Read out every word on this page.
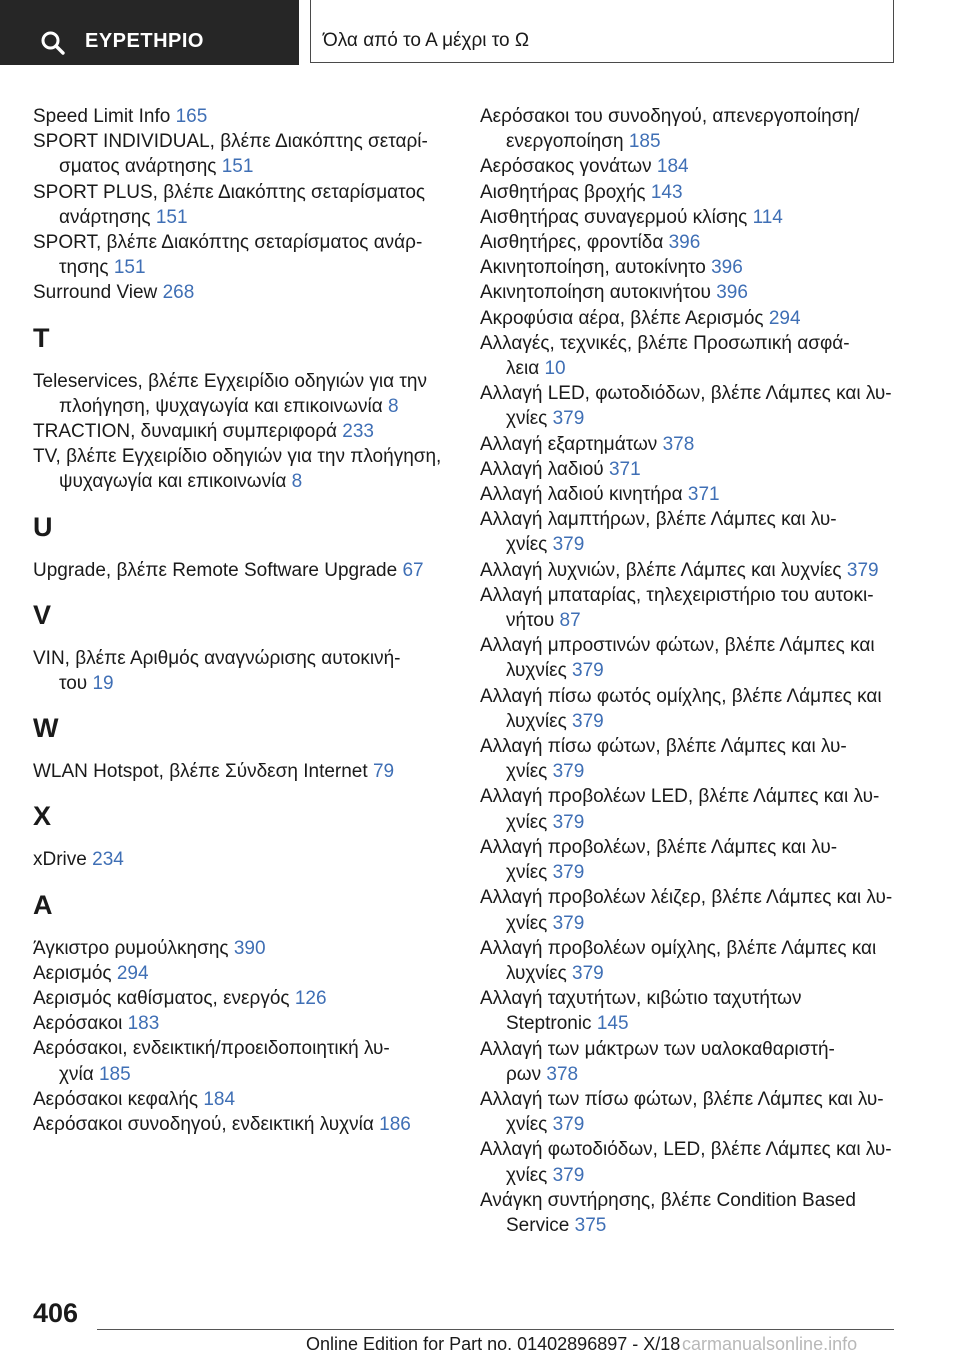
ΕΥΡΕΤΗΡΙΟ	Όλα από το Α μέχρι το Ω
Speed Limit Info 165
SPORT INDIVIDUAL, βλέπε Διακόπτης σεταρί‐
σματος ανάρτησης 151
SPORT PLUS, βλέπε Διακόπτης σεταρίσματος
ανάρτησης 151
SPORT, βλέπε Διακόπτης σεταρίσματος ανάρ‐
τησης 151
Surround View 268
T
Teleservices, βλέπε Εγχειρίδιο οδηγιών για την
πλοήγηση, ψυχαγωγία και επικοινωνία 8
TRACTION, δυναμική συμπεριφορά 233
TV, βλέπε Εγχειρίδιο οδηγιών για την πλοήγηση,
ψυχαγωγία και επικοινωνία 8
U
Upgrade, βλέπε Remote Software Upgrade 67
V
VIN, βλέπε Αριθμός αναγνώρισης αυτοκινή‐
του 19
W
WLAN Hotspot, βλέπε Σύνδεση Internet 79
X
xDrive 234
Α
Άγκιστρο ρυμούλκησης 390
Αερισμός 294
Αερισμός καθίσματος, ενεργός 126
Αερόσακοι 183
Αερόσακοι, ενδεικτική/προειδοποιητική λυ‐
χνία 185
Αερόσακοι κεφαλής 184
Αερόσακοι συνοδηγού, ενδεικτική λυχνία 186
Αερόσακοι του συνοδηγού, απενεργοποίηση/
ενεργοποίηση 185
Αερόσακος γονάτων 184
Αισθητήρας βροχής 143
Αισθητήρας συναγερμού κλίσης 114
Αισθητήρες, φροντίδα 396
Ακινητοποίηση, αυτοκίνητο 396
Ακινητοποίηση αυτοκινήτου 396
Ακροφύσια αέρα, βλέπε Αερισμός 294
Αλλαγές, τεχνικές, βλέπε Προσωπική ασφά‐
λεια 10
Αλλαγή LED, φωτοδιόδων, βλέπε Λάμπες και λυ‐
χνίες 379
Αλλαγή εξαρτημάτων 378
Αλλαγή λαδιού 371
Αλλαγή λαδιού κινητήρα 371
Αλλαγή λαμπτήρων, βλέπε Λάμπες και λυ‐
χνίες 379
Αλλαγή λυχνιών, βλέπε Λάμπες και λυχνίες 379
Αλλαγή μπαταρίας, τηλεχειριστήριο του αυτοκι‐
νήτου 87
Αλλαγή μπροστινών φώτων, βλέπε Λάμπες και
λυχνίες 379
Αλλαγή πίσω φωτός ομίχλης, βλέπε Λάμπες και
λυχνίες 379
Αλλαγή πίσω φώτων, βλέπε Λάμπες και λυ‐
χνίες 379
Αλλαγή προβολέων LED, βλέπε Λάμπες και λυ‐
χνίες 379
Αλλαγή προβολέων, βλέπε Λάμπες και λυ‐
χνίες 379
Αλλαγή προβολέων λέιζερ, βλέπε Λάμπες και λυ‐
χνίες 379
Αλλαγή προβολέων ομίχλης, βλέπε Λάμπες και
λυχνίες 379
Αλλαγή ταχυτήτων, κιβώτιο ταχυτήτων
Steptronic 145
Αλλαγή των μάκτρων των υαλοκαθαριστή‐
ρων 378
Αλλαγή των πίσω φώτων, βλέπε Λάμπες και λυ‐
χνίες 379
Αλλαγή φωτοδιόδων, LED, βλέπε Λάμπες και λυ‐
χνίες 379
Ανάγκη συντήρησης, βλέπε Condition Based
Service 375
406
Online Edition for Part no. 01402896897 - X/18 carmanualsonline.info
